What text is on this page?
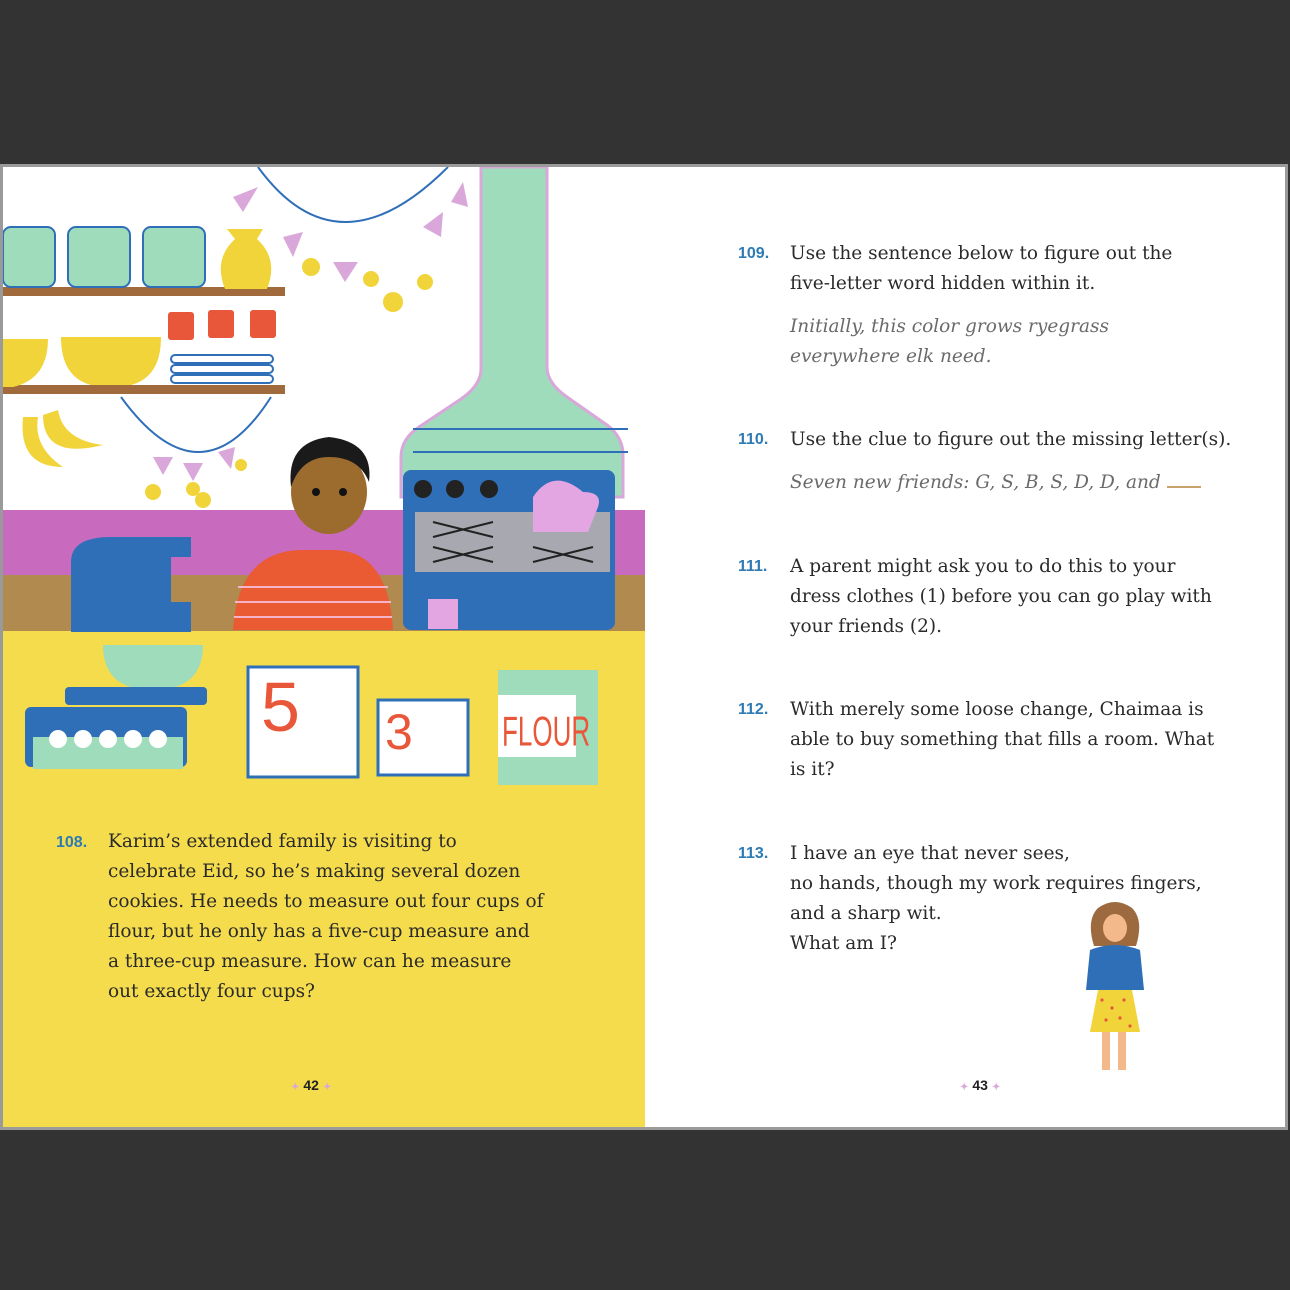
5 3	FLOUR
108. Karim’s extended family is visiting to
celebrate Eid, so he’s making several dozen
cookies. He needs to measure out four cups of
flour, but he only has a five-cup measure and
a three-cup measure. How can he measure
out exactly four cups?
✦ 42 ✦
109. Use the sentence below to figure out the
five-letter word hidden within it.
Initially, this color grows ryegrass
everywhere elk need.
110. Use the clue to figure out the missing letter(s).
Seven new friends: G, S, B, S, D, D, and
111. A parent might ask you to do this to your
dress clothes (1) before you can go play with
your friends (2).
112. With merely some loose change, Chaimaa is
able to buy something that fills a room. What
is it?
113. I have an eye that never sees,
no hands, though my work requires fingers,
and a sharp wit.
What am I?
✦ 43 ✦
